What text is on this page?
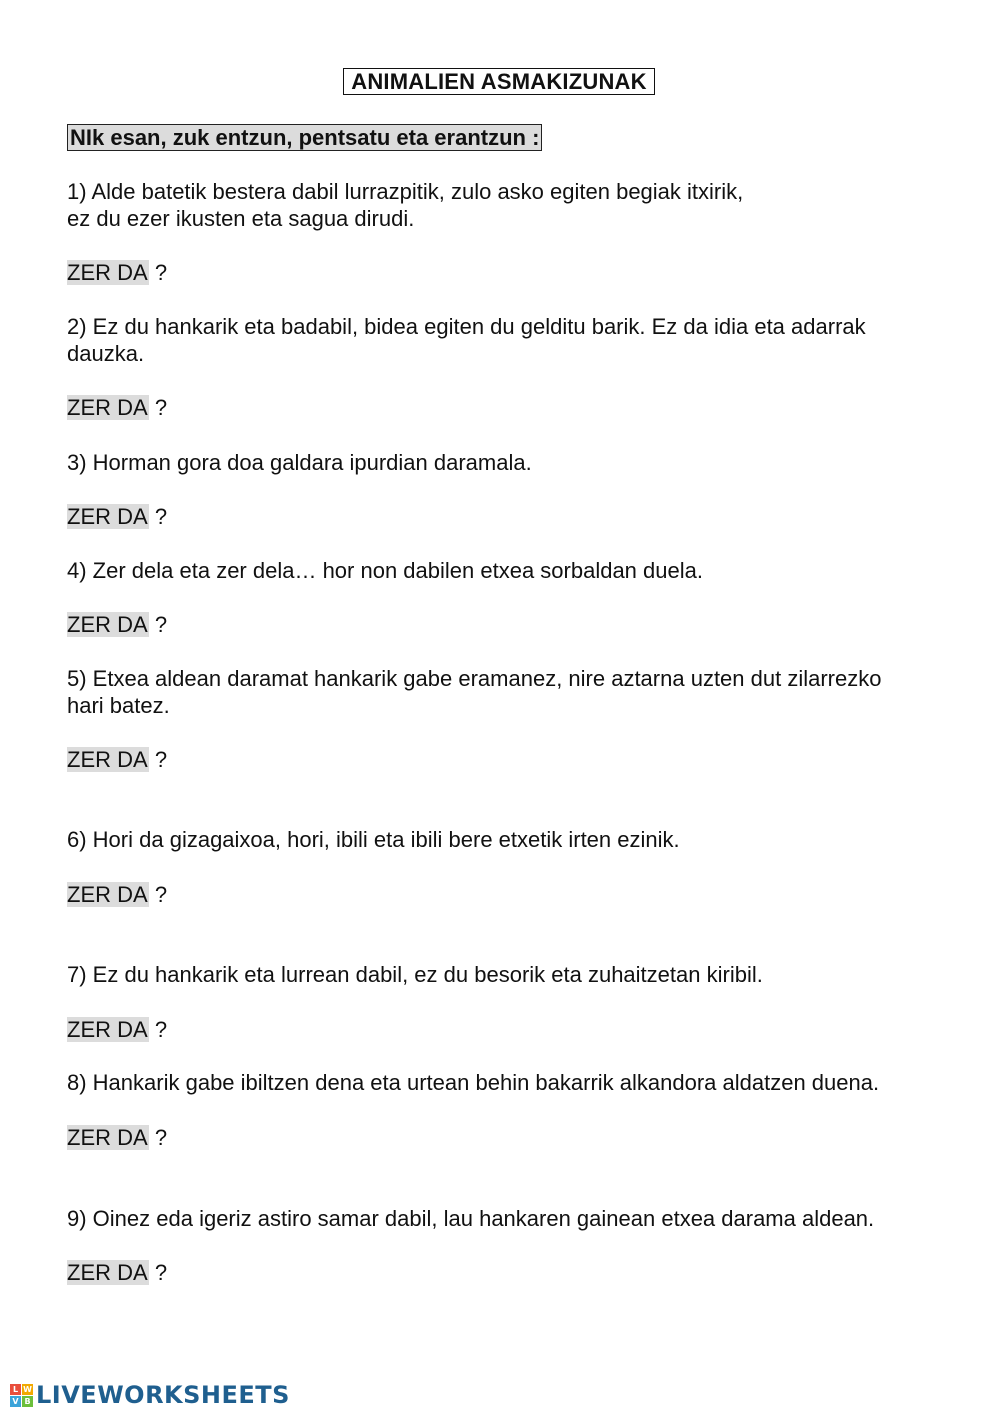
ANIMALIEN ASMAKIZUNAK
NIk esan, zuk entzun, pentsatu eta erantzun :

1) Alde batetik bestera dabil lurrazpitik, zulo asko egiten begiak itxirik,
ez du ezer ikusten eta sagua dirudi.

ZER DA ?

2) Ez du hankarik eta badabil, bidea egiten du gelditu barik. Ez da idia eta adarrak
dauzka.

ZER DA ?

3) Horman gora doa galdara ipurdian daramala.

ZER DA ?

4) Zer dela eta zer dela… hor non dabilen etxea sorbaldan duela.

ZER DA ?

5) Etxea aldean daramat hankarik gabe eramanez, nire aztarna uzten dut zilarrezko
hari batez.

ZER DA ?

6) Hori da gizagaixoa, hori, ibili eta ibili bere etxetik irten ezinik.

ZER DA ?

7) Ez du hankarik eta lurrean dabil, ez du besorik eta zuhaitzetan kiribil.

ZER DA ?

8) Hankarik gabe ibiltzen dena eta urtean behin bakarrik alkandora aldatzen duena.

ZER DA ?

9) Oinez eda igeriz astiro samar dabil, lau hankaren gainean etxea darama aldean.

ZER DA ?
L W
V B LIVEWORKSHEETS
